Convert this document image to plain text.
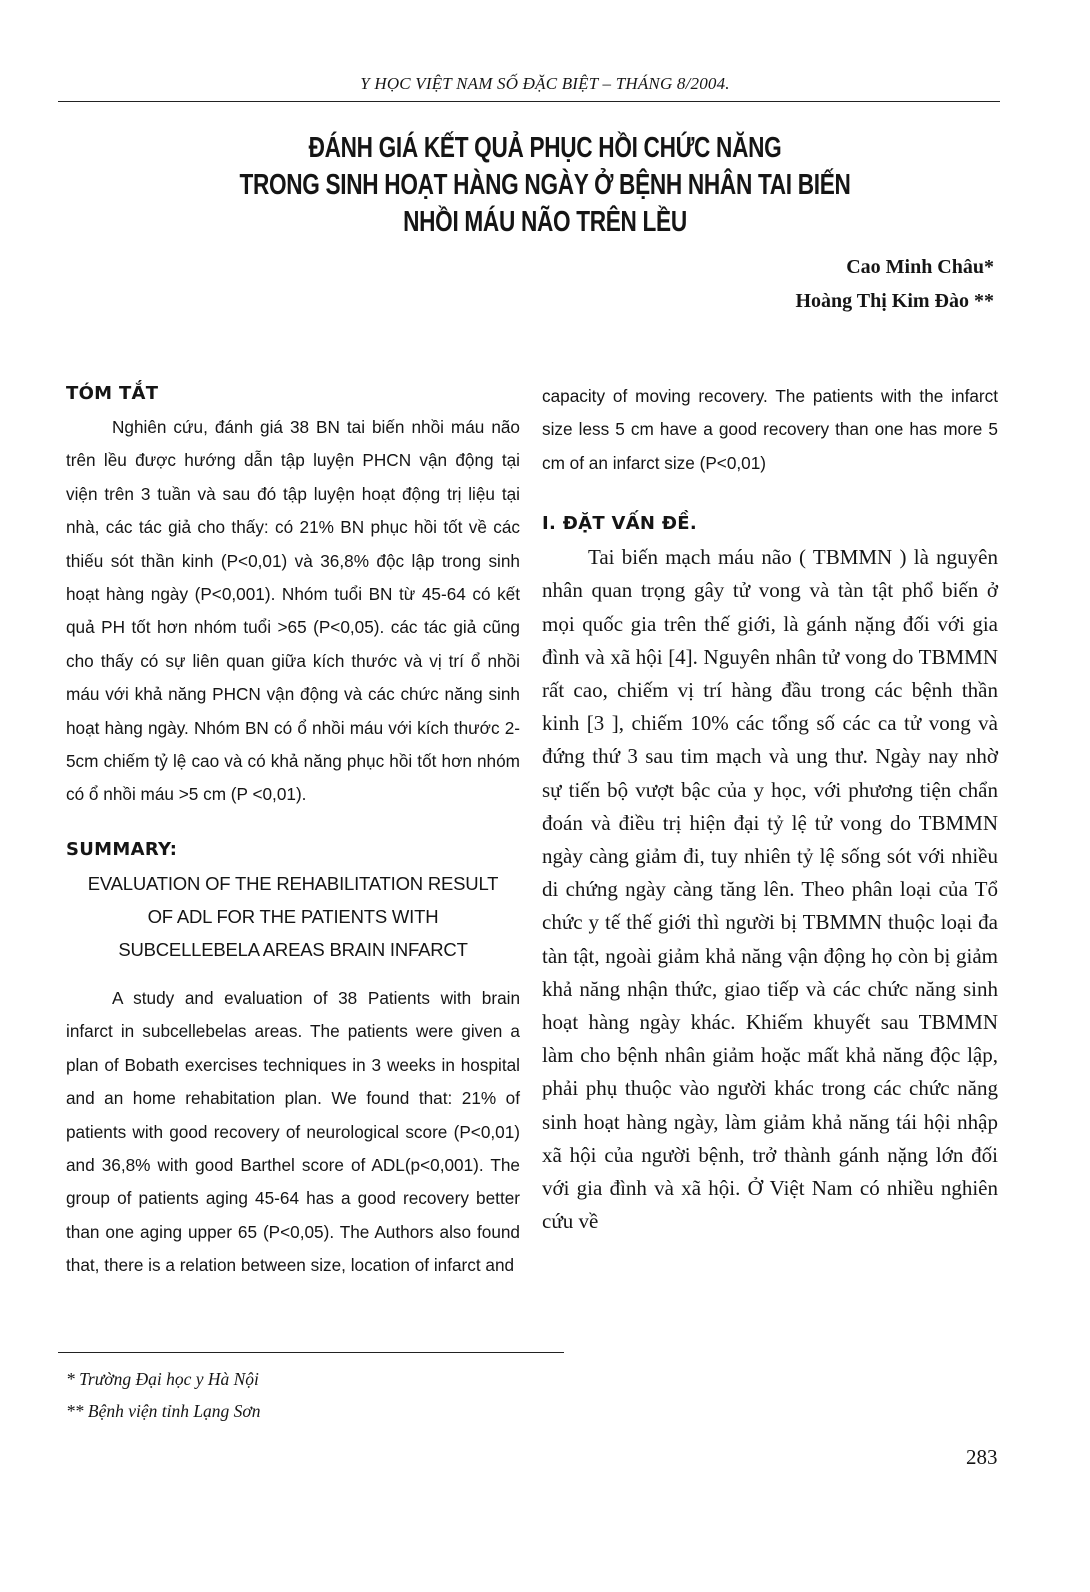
Y HỌC VIỆT NAM SỐ ĐẶC BIỆT – THÁNG 8/2004.
ĐÁNH GIÁ KẾT QUẢ PHỤC HỒI CHỨC NĂNG
TRONG SINH HOẠT HÀNG NGÀY Ở BỆNH NHÂN TAI BIẾN
NHỒI MÁU NÃO TRÊN LỀU
Cao Minh Châu*
Hoàng Thị Kim Đào **
TÓM TẮT

Nghiên cứu, đánh giá 38 BN tai biến nhồi máu não trên lều được hướng dẫn tập luyện PHCN vận động tại viện trên 3 tuần và sau đó tập luyện hoạt động trị liệu tại nhà, các tác giả cho thấy: có 21% BN phục hồi tốt về các thiếu sót thần kinh (P<0,01) và 36,8% độc lập trong sinh hoạt hàng ngày (P<0,001). Nhóm tuổi BN từ 45-64 có kết quả PH tốt hơn nhóm tuổi >65 (P<0,05). các tác giả cũng cho thấy có sự liên quan giữa kích thước và vị trí ổ nhồi máu với khả năng PHCN vận động và các chức năng sinh hoạt hàng ngày. Nhóm BN có ổ nhồi máu với kích thước 2-5cm chiếm tỷ lệ cao và có khả năng phục hồi tốt hơn nhóm có ổ nhồi máu >5 cm (P <0,01).

SUMMARY:
EVALUATION OF THE REHABILITATION RESULT
OF ADL FOR THE PATIENTS WITH
SUBCELLEBELA AREAS BRAIN INFARCT

A study and evaluation of 38 Patients with brain infarct in subcellebelas areas. The patients were given a plan of Bobath exercises techniques in 3 weeks in hospital and an home rehabitation plan. We found that: 21% of patients with good recovery of neurological score (P<0,01) and 36,8% with good Barthel score of ADL(p<0,001). The group of patients aging 45-64 has a good recovery better than one aging upper 65 (P<0,05). The Authors also found that, there is a relation between size, location of infarct and

capacity of moving recovery. The patients with the infarct size less 5 cm have a good recovery than one has more 5 cm of an infarct size (P<0,01)

I. ĐẶT VẤN ĐỀ.

Tai biến mạch máu não ( TBMMN ) là nguyên nhân quan trọng gây tử vong và tàn tật phổ biến ở mọi quốc gia trên thế giới, là gánh nặng đối với gia đình và xã hội [4]. Nguyên nhân tử vong do TBMMN rất cao, chiếm vị trí hàng đầu trong các bệnh thần kinh [3 ], chiếm 10% các tổng số các ca tử vong và đứng thứ 3 sau tim mạch và ung thư. Ngày nay nhờ sự tiến bộ vượt bậc của y học, với phương tiện chẩn đoán và điều trị hiện đại tỷ lệ tử vong do TBMMN ngày càng giảm đi, tuy nhiên tỷ lệ sống sót với nhiều di chứng ngày càng tăng lên. Theo phân loại của Tổ chức y tế thế giới thì người bị TBMMN thuộc loại đa tàn tật, ngoài giảm khả năng vận động họ còn bị giảm khả năng nhận thức, giao tiếp và các chức năng sinh hoạt hàng ngày khác. Khiếm khuyết sau TBMMN làm cho bệnh nhân giảm hoặc mất khả năng độc lập, phải phụ thuộc vào người khác trong các chức năng sinh hoạt hàng ngày, làm giảm khả năng tái hội nhập xã hội của người bệnh, trở thành gánh nặng lớn đối với gia đình và xã hội. Ở Việt Nam có nhiều nghiên cứu về

* Trường Đại học y Hà Nội
** Bệnh viện tỉnh Lạng Sơn
283
